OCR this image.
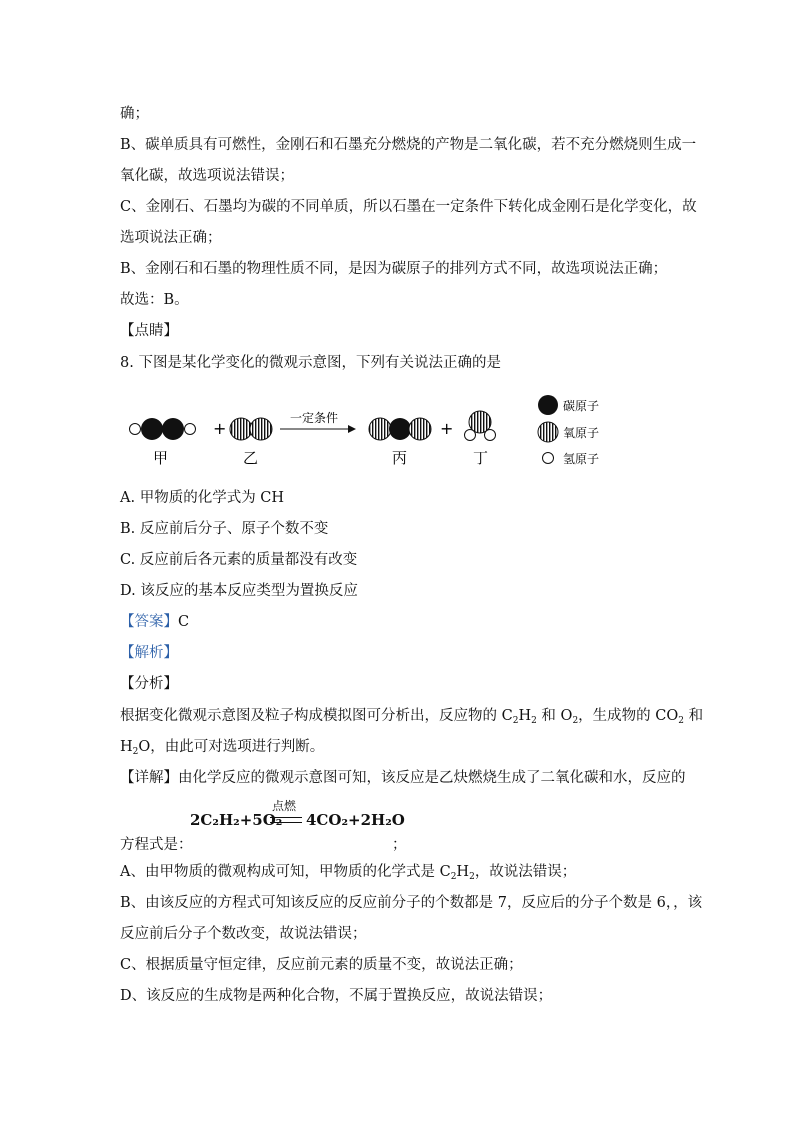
确；
B、碳单质具有可燃性，金刚石和石墨充分燃烧的产物是二氧化碳，若不充分燃烧则生成一
氧化碳，故选项说法错误；
C、金刚石、石墨均为碳的不同单质，所以石墨在一定条件下转化成金刚石是化学变化，故
选项说法正确；
B、金刚石和石墨的物理性质不同，是因为碳原子的排列方式不同，故选项说法正确；
故选：B。
【点睛】
8. 下图是某化学变化的微观示意图，下列有关说法正确的是
+
一定条件
+
甲	乙	丙	丁
碳原子
氧原子
氢原子
A. 甲物质的化学式为 CH
B. 反应前后分子、原子个数不变
C. 反应前后各元素的质量都没有改变
D. 该反应的基本反应类型为置换反应
【答案】C
【解析】
【分析】
根据变化微观示意图及粒子构成模拟图可分析出，反应物的 $C_2H_2$ 和 $O_2$，生成物的 $CO_2$ 和
$H_2O$，由此可对选项进行判断。
【详解】由化学反应的微观示意图可知，该反应是乙炔燃烧生成了二氧化碳和水，反应的
点燃
2C₂H₂+5O₂ 4CO₂+2H₂O
方程式是：	；
A、由甲物质的微观构成可知，甲物质的化学式是 $C_2H_2$，故说法错误；
B、由该反应的方程式可知该反应的反应前分子的个数都是 7，反应后的分子个数是 6，，该
反应前后分子个数改变，故说法错误；
C、根据质量守恒定律，反应前元素的质量不变，故说法正确；
D、该反应的生成物是两种化合物，不属于置换反应，故说法错误；
